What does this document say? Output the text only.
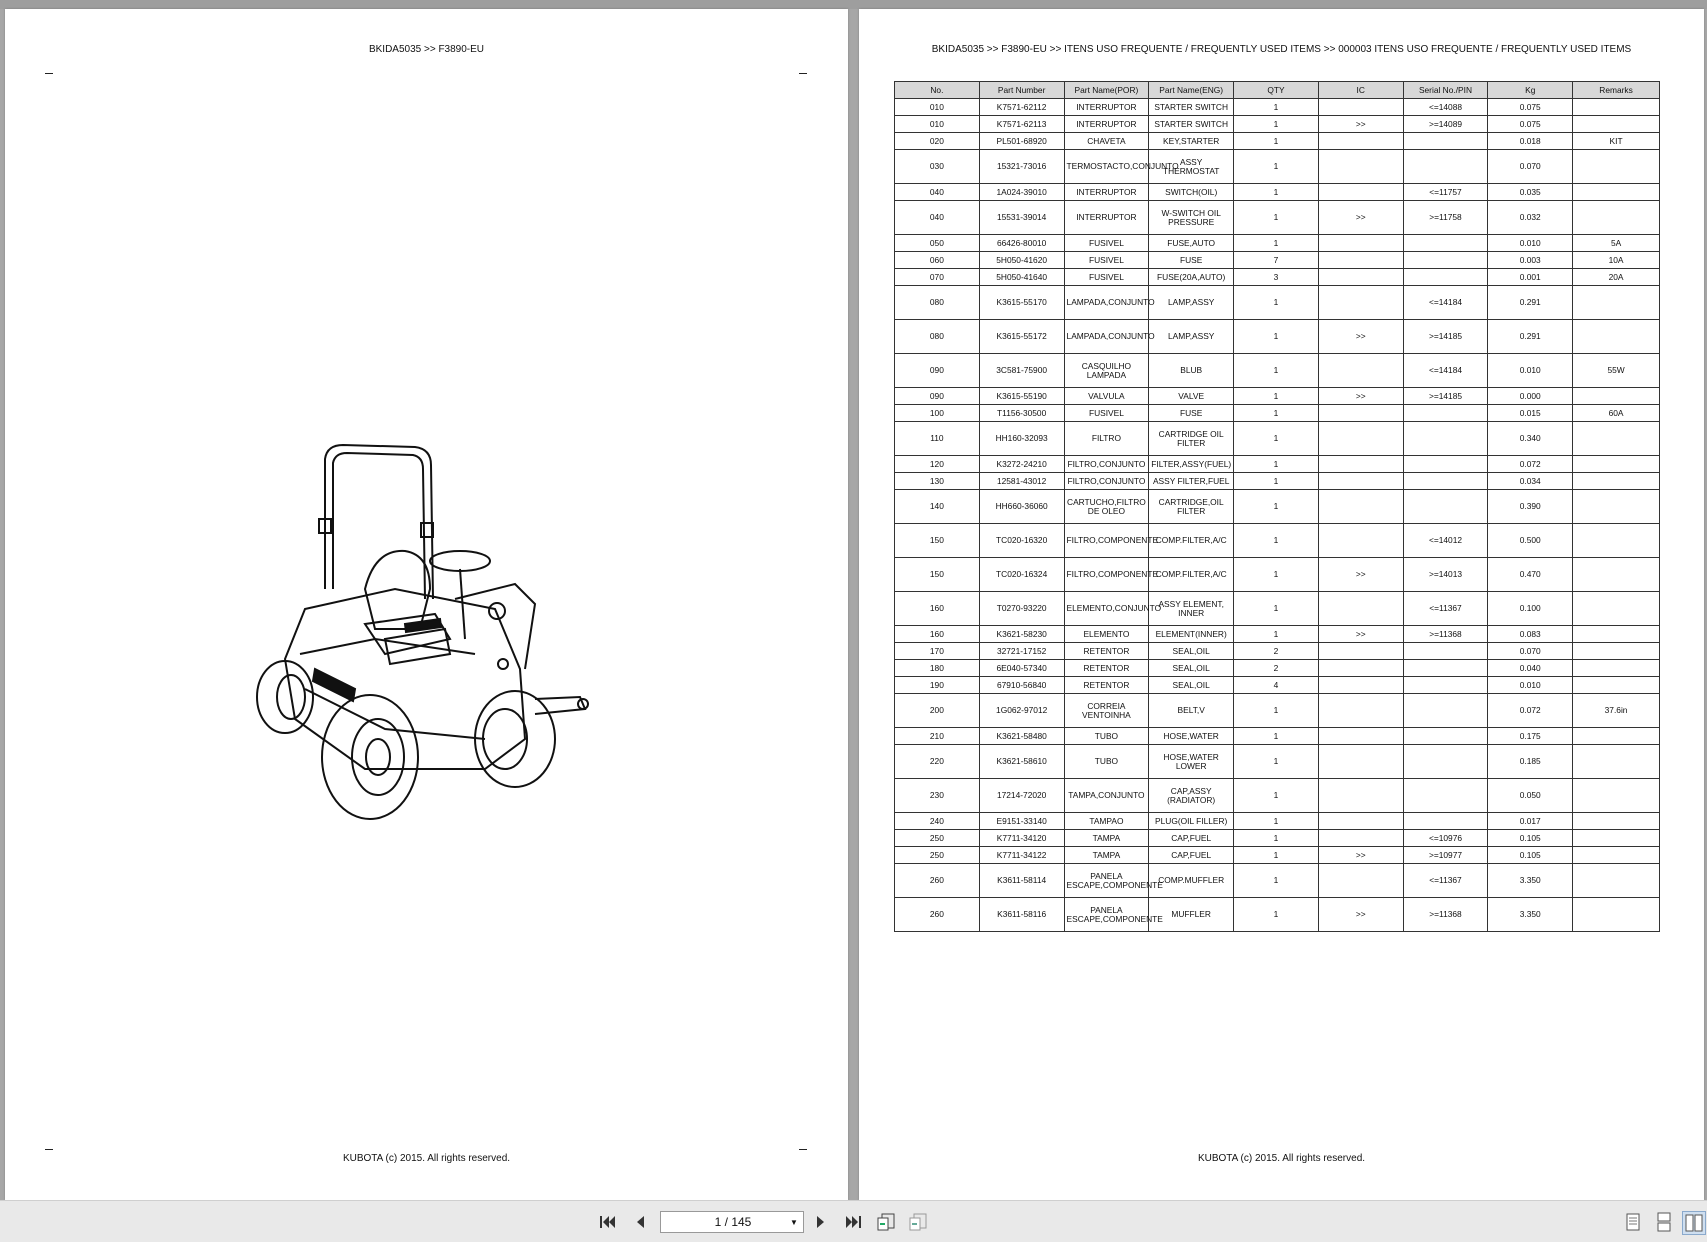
BKIDA5035 >> F3890-EU
KUBOTA (c) 2015. All rights reserved.
BKIDA5035 >> F3890-EU >> ITENS USO FREQUENTE / FREQUENTLY USED ITEMS >> 000003 ITENS USO FREQUENTE / FREQUENTLY USED ITEMS
No.	Part Number	Part Name(POR)	Part Name(ENG)	QTY	IC	Serial No./PIN	Kg	Remarks
010	K7571-62112	INTERRUPTOR	STARTER SWITCH	1		<=14088	0.075	
010	K7571-62113	INTERRUPTOR	STARTER SWITCH	1	>>	>=14089	0.075	
020	PL501-68920	CHAVETA	KEY,STARTER	1			0.018	KIT
030	15321-73016	TERMOSTACTO,CONJUNTO	ASSY THERMOSTAT	1			0.070	
040	1A024-39010	INTERRUPTOR	SWITCH(OIL)	1		<=11757	0.035	
040	15531-39014	INTERRUPTOR	W-SWITCH OIL PRESSURE	1	>>	>=11758	0.032	
050	66426-80010	FUSIVEL	FUSE,AUTO	1			0.010	5A
060	5H050-41620	FUSIVEL	FUSE	7			0.003	10A
070	5H050-41640	FUSIVEL	FUSE(20A,AUTO)	3			0.001	20A
080	K3615-55170	LAMPADA,CONJUNTO	LAMP,ASSY	1		<=14184	0.291	
080	K3615-55172	LAMPADA,CONJUNTO	LAMP,ASSY	1	>>	>=14185	0.291	
090	3C581-75900	CASQUILHO LAMPADA	BLUB	1		<=14184	0.010	55W
090	K3615-55190	VALVULA	VALVE	1	>>	>=14185	0.000	
100	T1156-30500	FUSIVEL	FUSE	1			0.015	60A
110	HH160-32093	FILTRO	CARTRIDGE OIL FILTER	1			0.340	
120	K3272-24210	FILTRO,CONJUNTO	FILTER,ASSY(FUEL)	1			0.072	
130	12581-43012	FILTRO,CONJUNTO	ASSY FILTER,FUEL	1			0.034	
140	HH660-36060	CARTUCHO,FILTRO DE OLEO	CARTRIDGE,OIL FILTER	1			0.390	
150	TC020-16320	FILTRO,COMPONENTE	COMP.FILTER,A/C	1		<=14012	0.500	
150	TC020-16324	FILTRO,COMPONENTE	COMP.FILTER,A/C	1	>>	>=14013	0.470	
160	T0270-93220	ELEMENTO,CONJUNTO	ASSY ELEMENT, INNER	1		<=11367	0.100	
160	K3621-58230	ELEMENTO	ELEMENT(INNER)	1	>>	>=11368	0.083	
170	32721-17152	RETENTOR	SEAL,OIL	2			0.070	
180	6E040-57340	RETENTOR	SEAL,OIL	2			0.040	
190	67910-56840	RETENTOR	SEAL,OIL	4			0.010	
200	1G062-97012	CORREIA VENTOINHA	BELT,V	1			0.072	37.6in
210	K3621-58480	TUBO	HOSE,WATER	1			0.175	
220	K3621-58610	TUBO	HOSE,WATER LOWER	1			0.185	
230	17214-72020	TAMPA,CONJUNTO	CAP,ASSY (RADIATOR)	1			0.050	
240	E9151-33140	TAMPAO	PLUG(OIL FILLER)	1			0.017	
250	K7711-34120	TAMPA	CAP,FUEL	1		<=10976	0.105	
250	K7711-34122	TAMPA	CAP,FUEL	1	>>	>=10977	0.105	
260	K3611-58114	PANELA ESCAPE,COMPONENTE	COMP.MUFFLER	1		<=11367	3.350	
260	K3611-58116	PANELA ESCAPE,COMPONENTE	MUFFLER	1	>>	>=11368	3.350	
KUBOTA (c) 2015. All rights reserved.
1 / 145	▼
